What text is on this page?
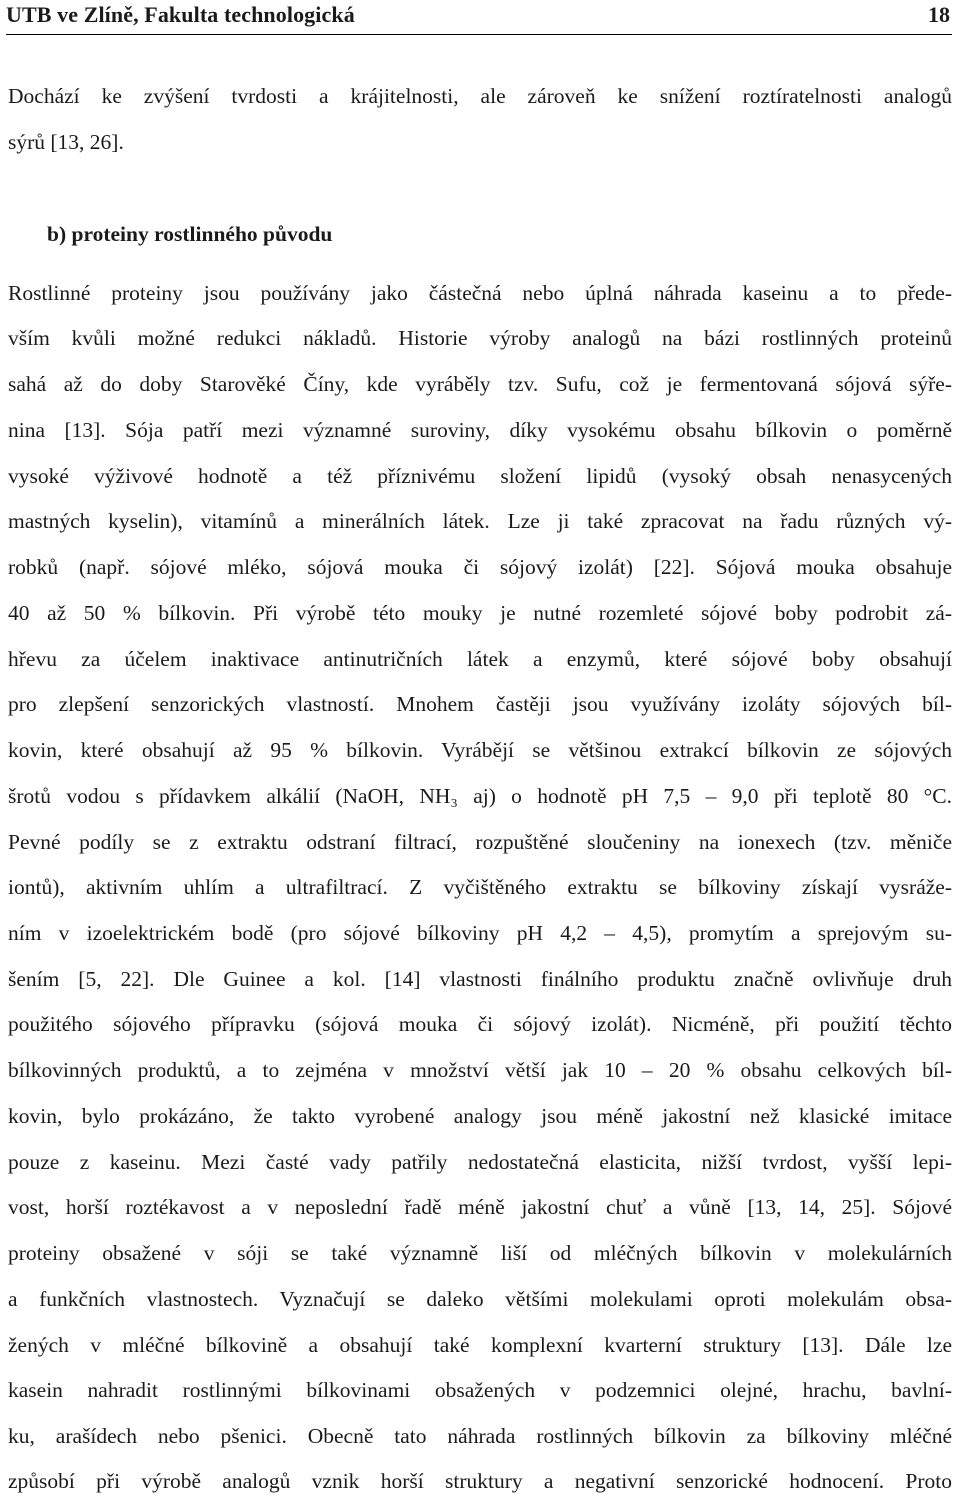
UTB ve Zlíně, Fakulta technologická	18
Dochází ke zvýšení tvrdosti a krájitelnosti, ale zároveň ke snížení roztíratelnosti analogů
sýrů [13, 26].
b) proteiny rostlinného původu
Rostlinné proteiny jsou používány jako částečná nebo úplná náhrada kaseinu a to přede-
vším kvůli možné redukci nákladů. Historie výroby analogů na bázi rostlinných proteinů
sahá až do doby Starověké Číny, kde vyráběly tzv. Sufu, což je fermentovaná sójová sýře-
nina [13]. Sója patří mezi významné suroviny, díky vysokému obsahu bílkovin o poměrně
vysoké výživové hodnotě a též příznivému složení lipidů (vysoký obsah nenasycených
mastných kyselin), vitamínů a minerálních látek. Lze ji také zpracovat na řadu různých vý-
robků (např. sójové mléko, sójová mouka či sójový izolát) [22]. Sójová mouka obsahuje
40 až 50 % bílkovin. Při výrobě této mouky je nutné rozemleté sójové boby podrobit zá-
hřevu za účelem inaktivace antinutričních látek a enzymů, které sójové boby obsahují
pro zlepšení senzorických vlastností. Mnohem častěji jsou využívány izoláty sójových bíl-
kovin, které obsahují až 95 % bílkovin. Vyrábějí se většinou extrakcí bílkovin ze sójových
šrotů vodou s přídavkem alkálií (NaOH, NH₃ aj) o hodnotě pH 7,5 – 9,0 při teplotě 80 °C.
Pevné podíly se z extraktu odstraní filtrací, rozpuštěné sloučeniny na ionexech (tzv. měniče
iontů), aktivním uhlím a ultrafiltrací. Z vyčištěného extraktu se bílkoviny získají vysráže-
ním v izoelektrickém bodě (pro sójové bílkoviny pH 4,2 – 4,5), promytím a sprejovým su-
šením [5, 22]. Dle Guinee a kol. [14] vlastnosti finálního produktu značně ovlivňuje druh
použitého sójového přípravku (sójová mouka či sójový izolát). Nicméně, při použití těchto
bílkovinných produktů, a to zejména v množství větší jak 10 – 20 % obsahu celkových bíl-
kovin, bylo prokázáno, že takto vyrobené analogy jsou méně jakostní než klasické imitace
pouze z kaseinu. Mezi časté vady patřily nedostatečná elasticita, nižší tvrdost, vyšší lepi-
vost, horší roztékavost a v neposlední řadě méně jakostní chuť a vůně [13, 14, 25]. Sójové
proteiny obsažené v sóji se také významně liší od mléčných bílkovin v molekulárních
a funkčních vlastnostech. Vyznačují se daleko většími molekulami oproti molekulám obsa-
žených v mléčné bílkovině a obsahují také komplexní kvarterní struktury [13]. Dále lze
kasein nahradit rostlinnými bílkovinami obsažených v podzemnici olejné, hrachu, bavlní-
ku, arašídech nebo pšenici. Obecně tato náhrada rostlinných bílkovin za bílkoviny mléčné
způsobí při výrobě analogů vznik horší struktury a negativní senzorické hodnocení. Proto
